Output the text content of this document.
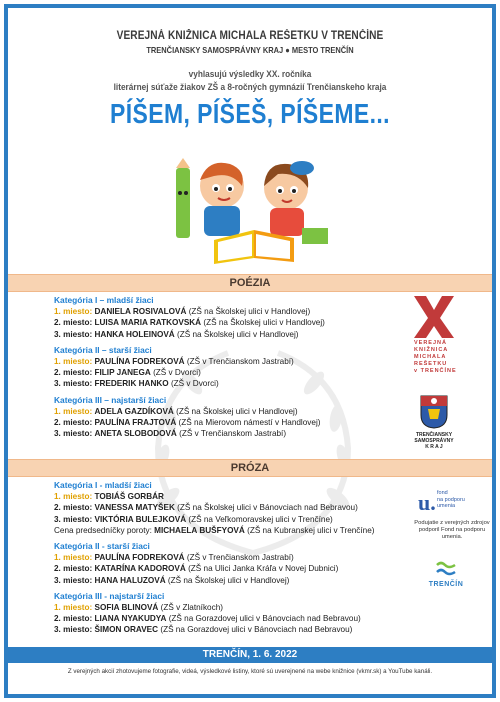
VEREJNÁ KNIŽNICA MICHALA REŠETKU V TRENČÍNE
TRENČIANSKY SAMOSPRÁVNY KRAJ ● MESTO TRENČÍN
vyhlasujú výsledky XX. ročníka
literárnej súťaže žiakov ZŠ a 8-ročných gymnázií Trenčianskeho kraja
PÍŠEM, PÍŠEŠ, PÍŠEME...
POÉZIA
Kategória I – mladší žiaci
1. miesto: DANIELA ROSIVALOVÁ (ZŠ na Školskej ulici v Handlovej)
2. miesto: LUISA MARIA RATKOVSKÁ (ZŠ na Školskej ulici v Handlovej)
3. miesto: HANKA HOLEINOVÁ (ZŠ na Školskej ulici v Handlovej)
Kategória II – starší žiaci
1. miesto: PAULÍNA FODREKOVÁ (ZŠ v Trenčianskom Jastrabí)
2. miesto: FILIP JANEGA (ZŠ v Dvorci)
3. miesto: FREDERIK HANKO (ZŠ v Dvorci)
Kategória III – najstarší žiaci
1. miesto: ADELA GAZDÍKOVÁ (ZŠ na Školskej ulici v Handlovej)
2. miesto: PAULÍNA FRAJTOVÁ (ZŠ na Mierovom námestí v Handlovej)
3. miesto: ANETA SLOBODOVÁ (ZŠ v Trenčianskom Jastrabí)
PRÓZA
Kategória I - mladší žiaci
1. miesto: TOBIÁŠ GORBÁR
2. miesto: VANESSA MATYŠEK (ZŠ na Školskej ulici v Bánovciach nad Bebravou)
3. miesto: VIKTÓRIA BULEJKOVÁ (ZŠ na Veľkomoravskej ulici v Trenčíne)
Cena predsedníčky poroty: MICHAELA BUŠFYOVÁ (ZŠ na Kubranskej ulici v Trenčíne)
Kategória II - starší žiaci
1. miesto: PAULÍNA FODREKOVÁ (ZŠ v Trenčianskom Jastrabí)
2. miesto: KATARÍNA KADOROVÁ (ZŠ na Ulici Janka Kráľa v Novej Dubnici)
3. miesto: HANA HALUZOVÁ (ZŠ na Školskej ulici v Handlovej)
Kategória III - najstarší žiaci
1. miesto: SOFIA BLINOVÁ (ZŠ v Zlatníkoch)
2. miesto: LIANA NYAKUDYA (ZŠ na Gorazdovej ulici v Bánovciach nad Bebravou)
3. miesto: ŠIMON ORAVEC (ZŠ na Gorazdovej ulici v Bánovciach nad Bebravou)
VEREJNÁ
KNIŽNICA
MICHALA
REŠETKU
v TRENČÍNE
TRENČIANSKY
SAMOSPRÁVNY
K R A J
u. fond
na podporu
umenia
Podujatie z verejných zdrojov podporil Fond na podporu umenia.
TRENČÍN
TRENČÍN, 1. 6. 2022
Z verejných akcií zhotovujeme fotografie, videá, výsledkové listiny, ktoré sú uverejnené na webe knižnice (vkmr.sk) a YouTube kanáli.
